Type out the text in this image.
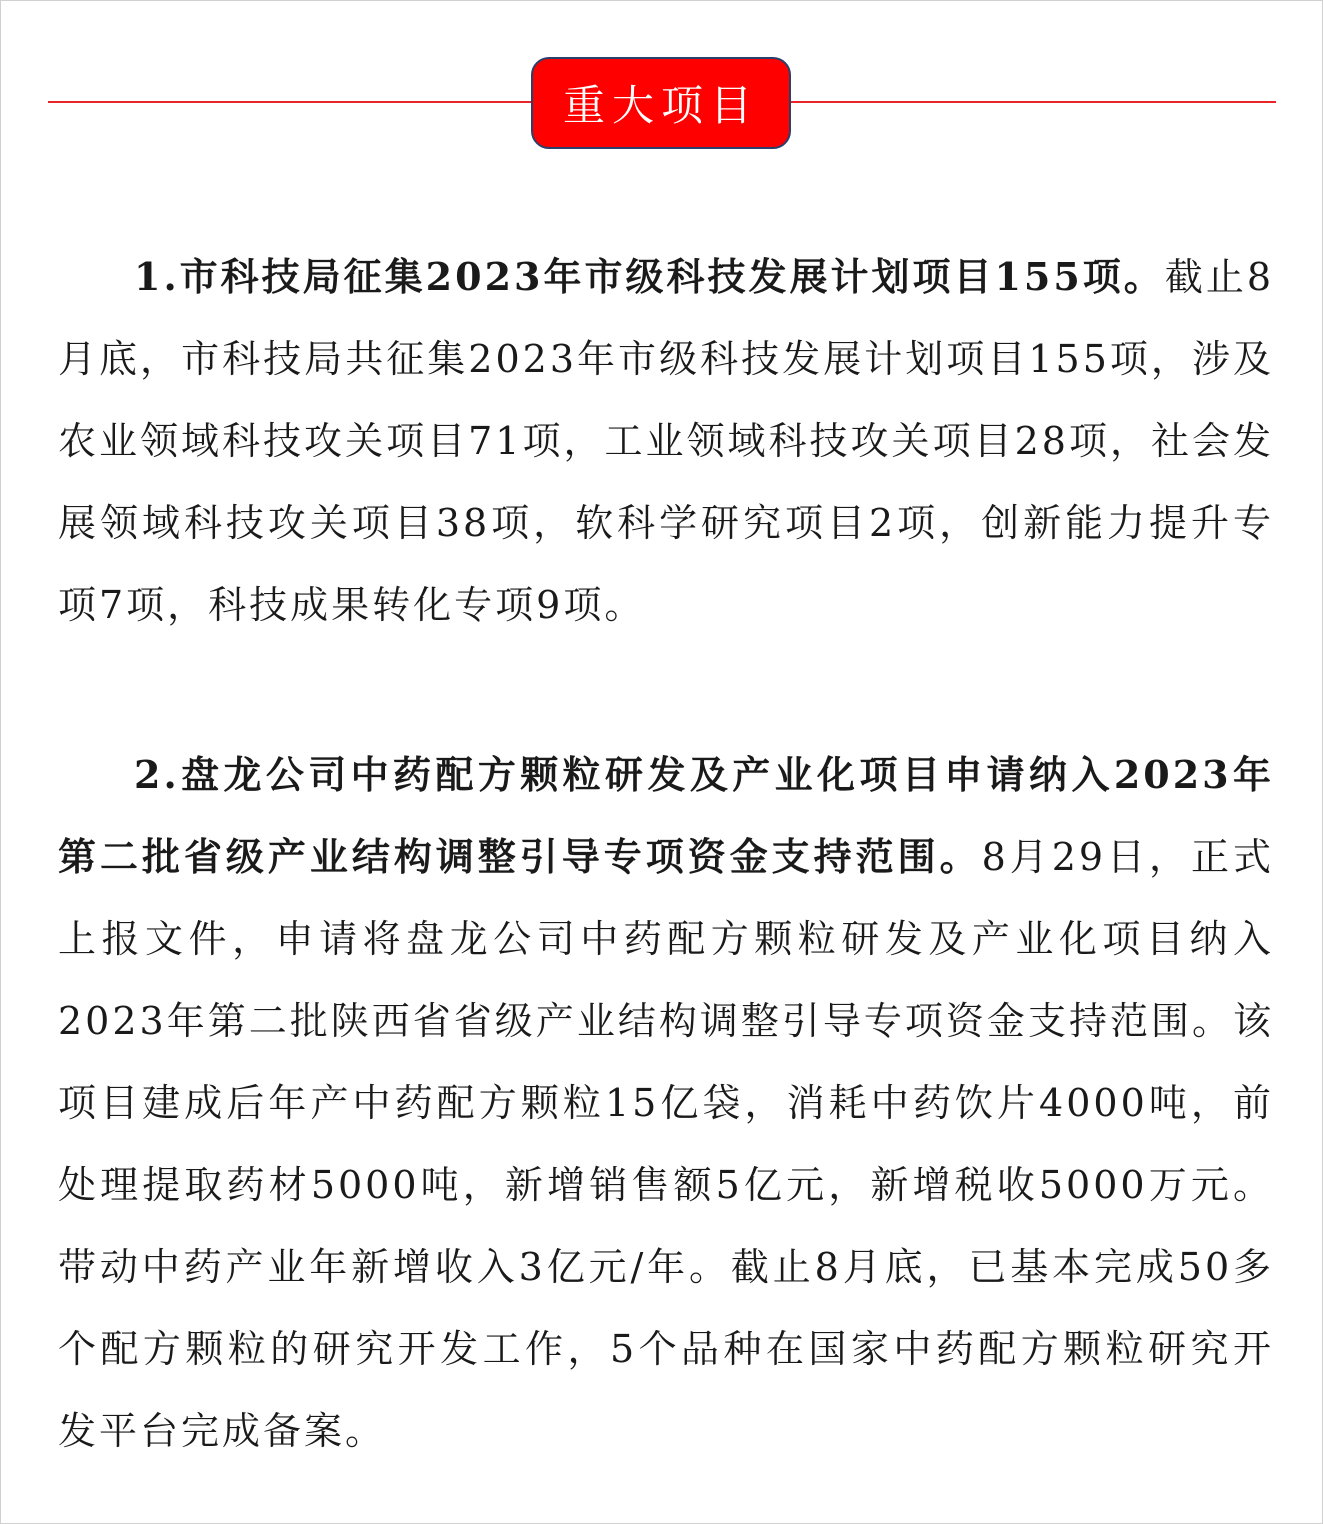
重大项目

1.市科技局征集2023年市级科技发展计划项目155项。截止8月底，市科技局共征集2023年市级科技发展计划项目155项，涉及农业领域科技攻关项目71项，工业领域科技攻关项目28项，社会发展领域科技攻关项目38项，软科学研究项目2项，创新能力提升专项7项，科技成果转化专项9项。

2.盘龙公司中药配方颗粒研发及产业化项目申请纳入2023年第二批省级产业结构调整引导专项资金支持范围。8月29日，正式上报文件，申请将盘龙公司中药配方颗粒研发及产业化项目纳入2023年第二批陕西省省级产业结构调整引导专项资金支持范围。该项目建成后年产中药配方颗粒15亿袋，消耗中药饮片4000吨，前处理提取药材5000吨，新增销售额5亿元，新增税收5000万元。带动中药产业年新增收入3亿元/年。截止8月底，已基本完成50多个配方颗粒的研究开发工作，5个品种在国家中药配方颗粒研究开发平台完成备案。
